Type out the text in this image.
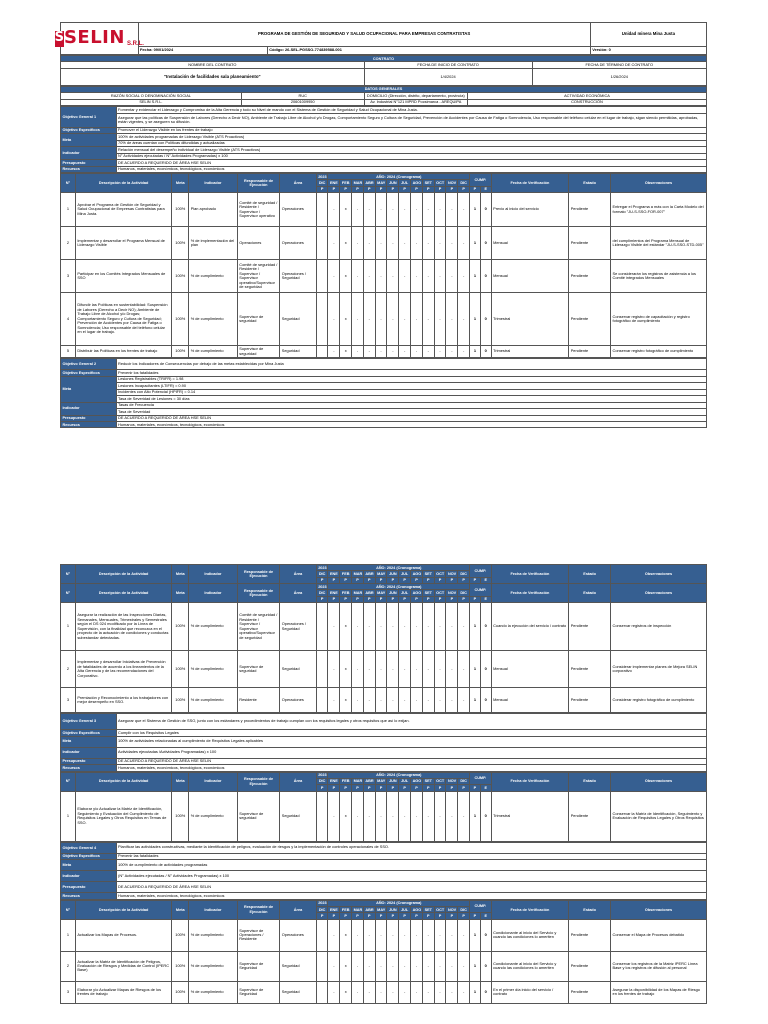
S SELIN S.R.L.	PROGRAMA DE GESTIÓN DE SEGURIDAD Y SALUD OCUPACIONAL PARA EMPRESAS CONTRATISTAS		Unidad minera Mina Justa
	Fecha: 09/01/2024	Código: 26-SEL-PGSSO-774839588-001	Versión: 0
CONTRATO		
NOMBRE DEL CONTRATO	FECHA DE INICIO DE CONTRATO	FECHA DE TÉRMINO DE CONTRATO
"Instalación de facilidades sala planeamiento"	1/4/2024	1/26/2024
DATOS GENERALES			
RAZÓN SOCIAL O DENOMINACIÓN SOCIAL	RUC	DOMICILIO (Dirección, distrito, departamento, provincia)	ACTIVIDAD ECONÓMICA
SELIN S.R.L.	20601009950	Av. Industrial N°121 MPRD Pocsimarca - AREQUIPA	CONSTRUCCIÓN
Objetivo General 1	Fomentar y evidenciar el Liderazgo y Compromiso de la Alta Gerencia y todo su Nivel de mando con el Sistema de Gestión de Seguridad y Salud Ocupacional de Mina Justa.
	Asegurar que las políticas de Suspensión de Labores (Derecho a Decir NO), Ambiente de Trabajo Libre de Alcohol y/o Drogas, Comportamiento Seguro y Cultura de Seguridad, Prevención de Accidentes por Causa de Fatiga o Somnolencia, Uso responsable del teléfono celular en el lugar de trabajo, sigan siendo permitidas, aprobadas, están vigentes, y se aseguren su difusión.
Objetivo Específicos	Promover el Liderazgo Visible en los frentes de trabajo
Meta	100% de actividades programadas de Liderazgo Visible (ATS Proactivos)
	70% de áreas cuentan con Políticas difundidas y actualizadas
Indicador	Relación mensual del desempeño individual de Liderazgo Visible (ATS Proactivos)
	N° Actividades ejecutadas / N° Actividades Programadas) x 100
Presupuesto	DE ACUERDO A REQUERIDO DE ÁREA HSE SELIN
Recursos	Humanos, materiales, económicos, tecnológicos, económicos
N°	Descripción de la Actividad	Meta	Indicador	Responsable de Ejecución	Área	2023	AÑO: 2024 (Cronograma)												CUMP.		Fecha de Verificación	Estado	Observaciones
						DIC	ENE	FEB	MAR	ABR	MAY	JUN	JUL	AGO	SET	OCT	NOV	DIC					
						P	P	P	P	P	P	P	P	P	P	P	P	P	P	E			
1	Aprobar el Programa de Gestión de Seguridad y Salud Ocupacional de Empresas Contratistas para Mina Justa.	100%	Plan aprobado	Comité de seguridad / Residente / Supervisor / Supervisor operativo	Operaciones		-	x	-	-	-	-	-	-	-	-	-	-	1	0	Previo al inicio del servicio	Pendiente	Entregar el Programa a más con la Carta Modelo del formato "JU-S-SSO-FOR-007"
2	Implementar y desarrollar el Programa Mensual de Liderazgo Visible	100%	% de implementación del plan	Operaciones	Operaciones		-	x	-	-	-	-	-	-	-	-	-	-	1	0	Mensual	Pendiente	del cumplimientos del Programa Mensual de Liderazgo Visible del estándar "JU-S-SSO-STD-005"
3	Participar en los Comités Integrados Mensuales de SSO	100%	% de cumplimiento	Comité de seguridad / Residente / Supervisor / Supervisor operativo/Supervisor de seguridad	Operaciones / Seguridad		-	x	-	-	-	-	-	-	-	-	-	-	1	0	Mensual	Pendiente	Se considerarán los registros de asistencia a los Comité integrados Mensuales
4	Difundir las Políticas en sustentabilidad: Suspensión de Labores (Derecho a Decir NO); Ambiente de Trabajo Libre de Alcohol y/o Drogas; Comportamiento Seguro y Cultura de Seguridad; Prevención de Accidentes por Causa de Fatiga o Somnolencia; Uso responsable del teléfono celular en el lugar de trabajo.	100%	% de cumplimiento	Supervisor de seguridad	Seguridad		-	x	-	-	-	-	-	-	-	-	-	-	1	0	Trimestral	Pendiente	Conservar registro de capacitación y registro fotográfico de cumplimiento
5	Distribuir las Políticas en los frentes de trabajo	100%	% de cumplimiento	Supervisor de seguridad	Seguridad		-	x	-	-	-	-	-	-	-	-	-	-	1	0	Trimestral	Pendiente	Conservar registro fotográfico de cumplimiento
Objetivo General 2	Reducir los Indicadores de Consecuencias por debajo de las metas establecidas por Mina Justa
Objetivo Específicos	Prevenir los fatalidades
Meta	Lesiones Registrables (TRIFR) = 1.98
	Lesiones Incapacitantes (LTIFR) = 0.90
	Incidentes con Alto Potencial (HPIFR) = 0.14
	Tasa de Severidad de Lesiones = 30 días
Indicador	Tasas de Frecuencia
	Tasa de Severidad
Presupuesto	DE ACUERDO A REQUERIDO DE ÁREA HSE SELIN
Recursos	Humanos, materiales, económicos, tecnológicos, económicos
N°	Descripción de la Actividad	Meta	Indicador	Responsable de Ejecución	Área	2023	AÑO: 2024 (Cronograma)												CUMP.		Fecha de Verificación	Estado	Observaciones
						DIC	ENE	FEB	MAR	ABR	MAY	JUN	JUL	AGO	SET	OCT	NOV	DIC					
						P	P	P	P	P	P	P	P	P	P	P	P	P	P	E			
N°	Descripción de la Actividad	Meta	Indicador	Responsable de Ejecución	Área	2023	AÑO: 2024 (Cronograma)												CUMP.		Fecha de Verificación	Estado	Observaciones
						DIC	ENE	FEB	MAR	ABR	MAY	JUN	JUL	AGO	SET	OCT	NOV	DIC					
						P	P	P	P	P	P	P	P	P	P	P	P	P	P	E			
1	Asegurar la realización de las Inspecciones Diarias, Semanales, Mensuales, Trimestrales y Semestrales según el DS 024 modificado por la Línea de Supervisión, con la finalidad que reconozca en el proyecto de la actuación de condiciones y conductas subestandar detectadas.	100%	% de cumplimiento	Comité de seguridad / Residente / Supervisor / Supervisor operativo/Supervisor de seguridad	Operaciones / Seguridad		-	x	-	-	-	-	-	-	-	-	-	-	1	0	Cuando la ejecución del servicio / contrato	Pendiente	Conservar registros de inspección
2	Implementar y desarrollar Iniciativas de Prevención de fatalidades de acuerdo a los lineamientos de la Alta Gerencia y de las recomendaciones del Corporativo.	100%	% de cumplimiento	Supervisor de seguridad	Seguridad		-	x	-	-	-	-	-	-	-	-	-	-	1	0	Mensual	Pendiente	Considerar implementar planes de Mejora SELIN corporativo
3	Premiación y Reconocimiento a los trabajadores con mejor desempeño en SSO.	100%	% de cumplimiento	Residente	Operaciones		-	x	-	-	-	-	-	-	-	-	-	-	1	0	Mensual	Pendiente	Considerar registro fotográfico de cumplimiento
Objetivo General 3	Asegurar que el Sistema de Gestión de SSO, junto con los estándares y procedimientos de trabajo cumplan con los requisitos legales y otros requisitos que así lo exijan.
Objetivo Específicos	Cumplir con los Requisitos Legales
Meta	100% de actividades relacionadas al cumplimiento de Requisitos Legales aplicables
Indicador	Actividades ejecutadas /Actividades Programadas) x 100
Presupuesto	DE ACUERDO A REQUERIDO DE ÁREA HSE SELIN
Recursos	Humanos, materiales, económicos, tecnológicos, económicos
N°	Descripción de la Actividad	Meta	Indicador	Responsable de Ejecución	Área	2023	AÑO: 2024 (Cronograma)												CUMP.		Fecha de Verificación	Estado	Observaciones
						DIC	ENE	FEB	MAR	ABR	MAY	JUN	JUL	AGO	SET	OCT	NOV	DIC					
						P	P	P	P	P	P	P	P	P	P	P	P	P	P	E			
1	Elaborar y/o Actualizar la Matriz de Identificación, Seguimiento y Evaluación del Cumplimiento de Requisitos Legales y Otros Requisitos en Temas de SSO.	100%	% de cumplimiento	Supervisor de seguridad	Seguridad		-	x	-	-	-	-	-	-	-	-	-	-	1	0	Trimestral	Pendiente	Conservar la Matriz de Identificación, Seguimiento y Evaluación de Requisitos Legales y Otros Requisitos
Objetivo General 4	Planificar las actividades constructivas, mediante la identificación de peligros, evaluación de riesgos y la implementación de controles operacionales de SSO.
Objetivo Específicos	Prevenir las fatalidades
Meta	100% de cumplimiento de actividades programadas
Indicador	(N° Actividades ejecutadas / N° Actividades Programadas) x 100
Presupuesto	DE ACUERDO A REQUERIDO DE ÁREA HSE SELIN
Recursos	Humanos, materiales, económicos, tecnológicos, económicos
N°	Descripción de la Actividad	Meta	Indicador	Responsable de Ejecución	Área	2023	AÑO: 2024 (Cronograma)												CUMP.		Fecha de Verificación	Estado	Observaciones
						DIC	ENE	FEB	MAR	ABR	MAY	JUN	JUL	AGO	SET	OCT	NOV	DIC					
						P	P	P	P	P	P	P	P	P	P	P	P	P	P	E			
1	Actualizar los Mapas de Procesos.	100%	% de cumplimiento	Supervisor de Operaciones / Residente	Operaciones		-	x	-	-	-	-	-	-	-	-	-	-	1	0	Condicionante al inicio del Servicio y cuando las condiciones lo ameriten	Pendiente	Conservar el Mapa de Procesos debatido
2	Actualizar la Matriz de Identificación de Peligros, Evaluación de Riesgos y Medidas de Control (IPERC Base)	100%	% de cumplimiento	Supervisor de Seguridad	Seguridad		-	x	-	-	-	-	-	-	-	-	-	-	1	0	Condicionante al inicio del Servicio y cuando las condiciones lo ameriten	Pendiente	Conservar los registros de la Matriz IPERC Línea Base y los registros de difusión al personal
3	Elaborar y/o Actualizar Mapas de Riesgos de los frentes de trabajo	100%	% de cumplimiento	Supervisor de Seguridad	Seguridad		-	x	-	-	-	-	-	-	-	-	-	-	1	0	En el primer día inicio del servicio / contrato	Pendiente	Asegurar la disponibilidad de los Mapas de Riesgo en los frentes de trabajo
